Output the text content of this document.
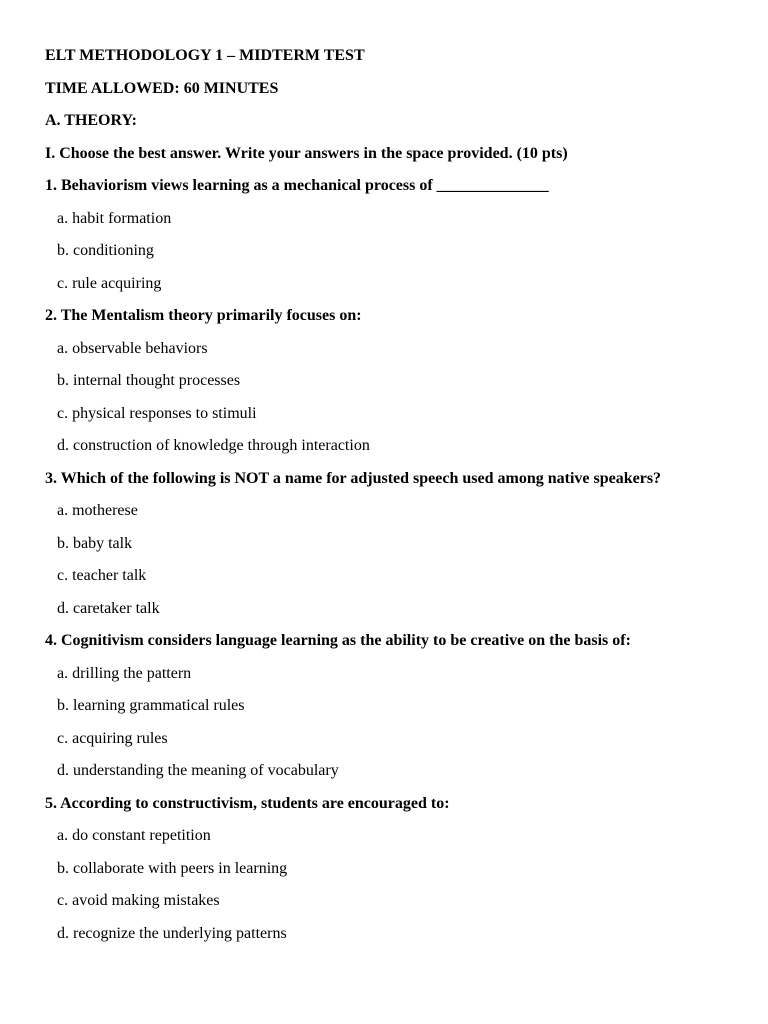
ELT METHODOLOGY 1 – MIDTERM TEST
TIME ALLOWED: 60 MINUTES
A. THEORY:
I. Choose the best answer. Write your answers in the space provided. (10 pts)
1. Behaviorism views learning as a mechanical process of ______________
a. habit formation
b. conditioning
c. rule acquiring
2. The Mentalism theory primarily focuses on:
a. observable behaviors
b. internal thought processes
c. physical responses to stimuli
d. construction of knowledge through interaction
3. Which of the following is NOT a name for adjusted speech used among native speakers?
a. motherese
b. baby talk
c. teacher talk
d. caretaker talk
4. Cognitivism considers language learning as the ability to be creative on the basis of:
a. drilling the pattern
b. learning grammatical rules
c. acquiring rules
d. understanding the meaning of vocabulary
5. According to constructivism, students are encouraged to:
a. do constant repetition
b. collaborate with peers in learning
c. avoid making mistakes
d. recognize the underlying patterns
